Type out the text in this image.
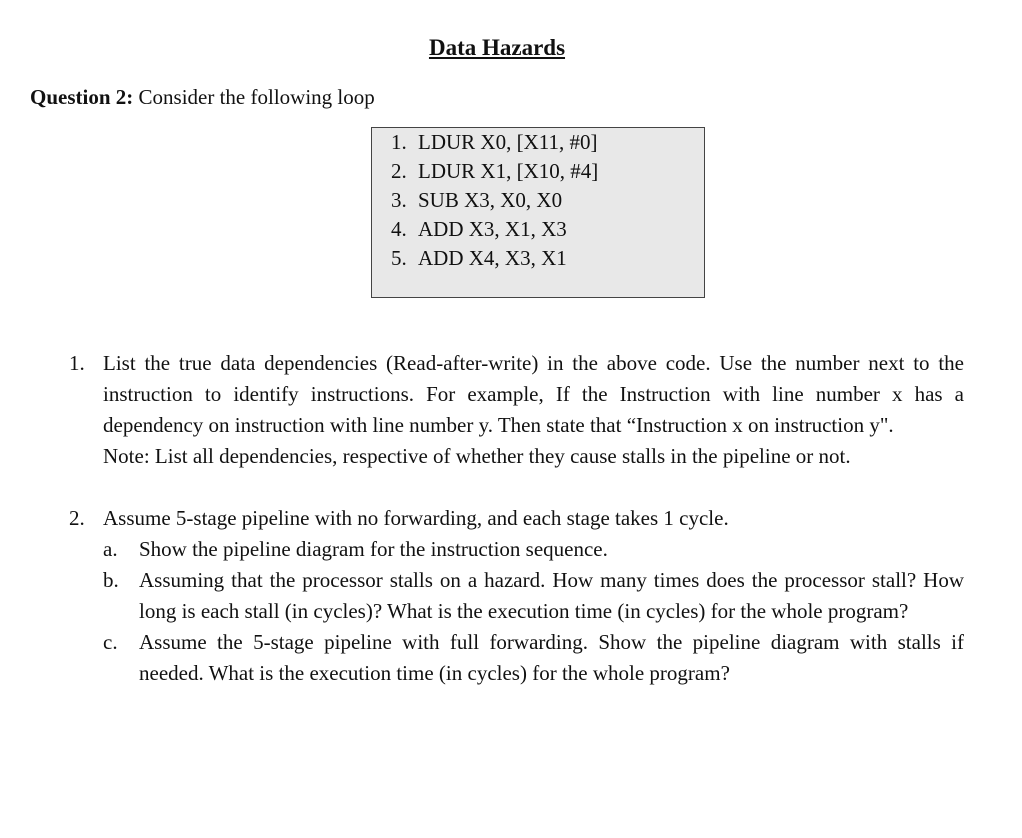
Data Hazards
Question 2: Consider the following loop
1. LDUR X0, [X11, #0]
2. LDUR X1, [X10, #4]
3. SUB X3, X0, X0
4. ADD X3, X1, X3
5. ADD X4, X3, X1
1. List the true data dependencies (Read-after-write) in the above code. Use the number next to the instruction to identify instructions. For example, If the Instruction with line number x has a dependency on instruction with line number y. Then state that “Instruction x on instruction y".

Note: List all dependencies, respective of whether they cause stalls in the pipeline or not.

2. Assume 5-stage pipeline with no forwarding, and each stage takes 1 cycle.

a. Show the pipeline diagram for the instruction sequence.

b. Assuming that the processor stalls on a hazard. How many times does the processor stall? How long is each stall (in cycles)? What is the execution time (in cycles) for the whole program?

c. Assume the 5-stage pipeline with full forwarding. Show the pipeline diagram with stalls if needed. What is the execution time (in cycles) for the whole program?
